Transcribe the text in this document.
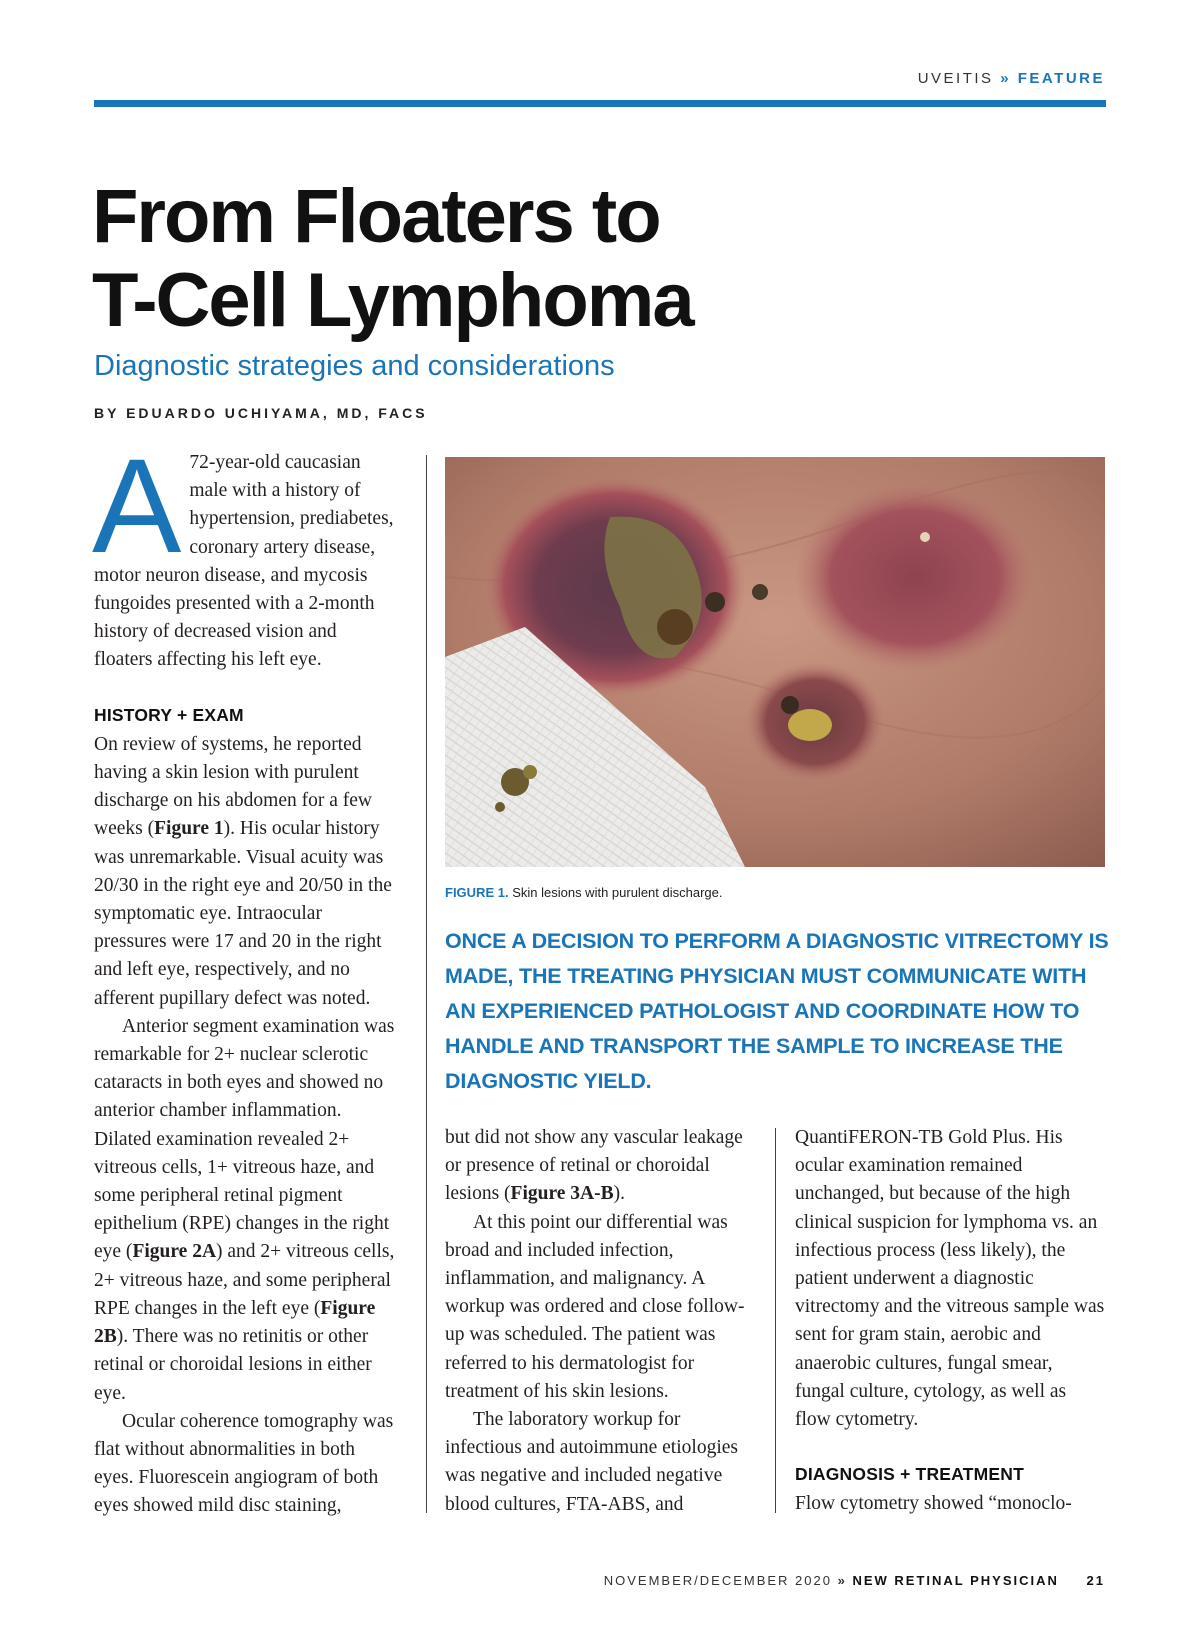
UVEITIS » FEATURE
From Floaters to
T-Cell Lymphoma
Diagnostic strategies and considerations
BY EDUARDO UCHIYAMA, MD, FACS

A 72-year-old caucasian male with a history of hypertension, prediabetes, coronary artery disease, motor neuron disease, and mycosis fungoides presented with a 2-month history of decreased vision and floaters affecting his left eye.

HISTORY + EXAM

On review of systems, he reported having a skin lesion with purulent discharge on his abdomen for a few weeks (Figure 1). His ocular history was unremarkable. Visual acuity was 20/30 in the right eye and 20/50 in the symptomatic eye. Intraocular pressures were 17 and 20 in the right and left eye, respectively, and no afferent pupillary defect was noted.

Anterior segment examination was remarkable for 2+ nuclear sclerotic cataracts in both eyes and showed no anterior chamber inflammation. Dilated examination revealed 2+ vitreous cells, 1+ vitreous haze, and some peripheral retinal pigment epithelium (RPE) changes in the right eye (Figure 2A) and 2+ vitreous cells, 2+ vitreous haze, and some peripheral RPE changes in the left eye (Figure 2B). There was no retinitis or other retinal or choroidal lesions in either eye.

Ocular coherence tomography was flat without abnormalities in both eyes. Fluorescein angiogram of both eyes showed mild disc staining,

FIGURE 1. Skin lesions with purulent discharge.
ONCE A DECISION TO PERFORM A DIAGNOSTIC VITRECTOMY IS MADE, THE TREATING PHYSICIAN MUST COMMUNICATE WITH AN EXPERIENCED PATHOLOGIST AND COORDINATE HOW TO HANDLE AND TRANSPORT THE SAMPLE TO INCREASE THE DIAGNOSTIC YIELD.

but did not show any vascular leakage or presence of retinal or choroidal lesions (Figure 3A-B).

At this point our differential was broad and included infection, inflammation, and malignancy. A workup was ordered and close follow-up was scheduled. The patient was referred to his dermatologist for treatment of his skin lesions.

The laboratory workup for infectious and autoimmune etiologies was negative and included negative blood cultures, FTA-ABS, and

QuantiFERON-TB Gold Plus. His ocular examination remained unchanged, but because of the high clinical suspicion for lymphoma vs. an infectious process (less likely), the patient underwent a diagnostic vitrectomy and the vitreous sample was sent for gram stain, aerobic and anaerobic cultures, fungal smear, fungal culture, cytology, as well as flow cytometry.

DIAGNOSIS + TREATMENT

Flow cytometry showed “monoclo-

NOVEMBER/DECEMBER 2020 » NEW RETINAL PHYSICIAN 21
